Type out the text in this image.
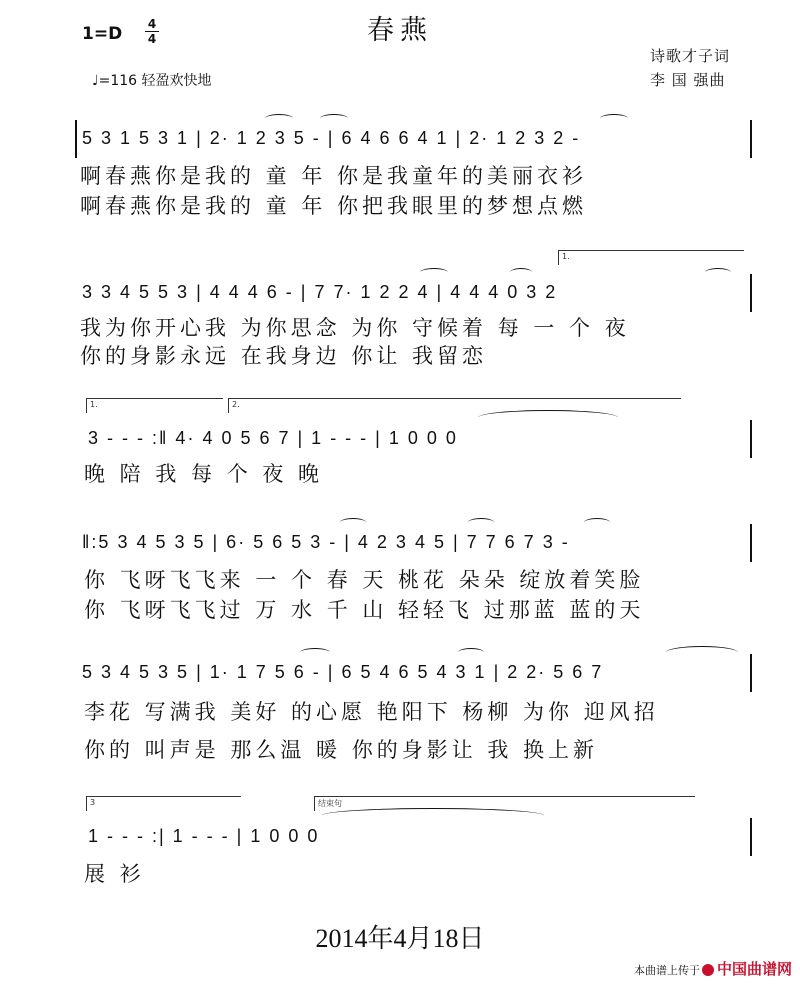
春燕
1=D 4
4
♩=116 轻盈欢快地
诗歌才子词
李 国 强曲
5 3 1 5 3 1 | 2· 1 2 3 5 - | 6 4 6 6 4 1 | 2· 1 2 3 2 -
啊春燕你是我的 童 年 你是我童年的美丽衣衫
啊春燕你是我的 童 年 你把我眼里的梦想点燃
1.
3 3 4 5 5 3 | 4 4 4 6 - | 7 7· 1 2 2 4 | 4 4 4 0 3 2
我为你开心我 为你思念 为你 守候着 每 一 个 夜
你的身影永远 在我身边 你让 我留恋
1.	2.
3 - - - :‖ 4· 4 0 5 6 7 | 1 - - - | 1 0 0 0
晚 陪 我 每 个 夜 晚
‖:5 3 4 5 3 5 | 6· 5 6 5 3 - | 4 2 3 4 5 | 7 7 6 7 3 -
你 飞呀飞飞来 一 个 春 天 桃花 朵朵 绽放着笑脸
你 飞呀飞飞过 万 水 千 山 轻轻飞 过那蓝 蓝的天
5 3 4 5 3 5 | 1· 1 7 5 6 - | 6 5 4 6 5 4 3 1 | 2 2· 5 6 7
李花 写满我 美好 的心愿 艳阳下 杨柳 为你 迎风招
你的 叫声是 那么温 暖 你的身影让 我 换上新
3	结束句
1 - - - :| 1 - - - | 1 0 0 0
展 衫
2014年4月18日
本曲谱上传于	中国曲谱网
